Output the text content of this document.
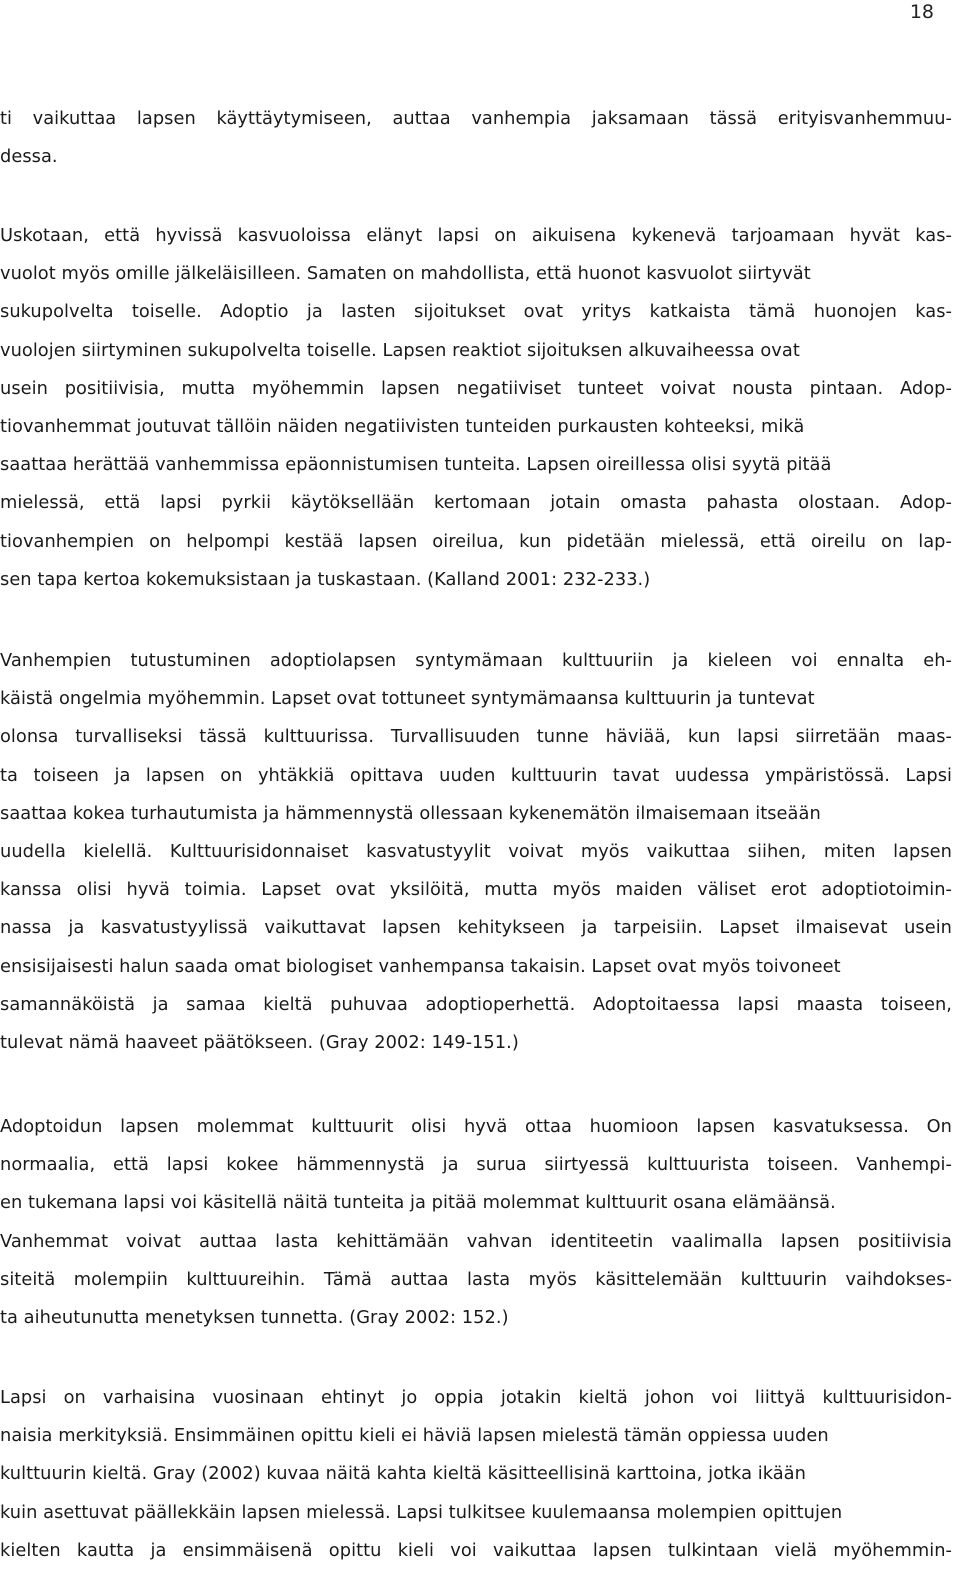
18
ti vaikuttaa lapsen käyttäytymiseen, auttaa vanhempia jaksamaan tässä erityisvanhemmuu-
dessa.
Uskotaan, että hyvissä kasvuoloissa elänyt lapsi on aikuisena kykenevä tarjoamaan hyvät kas-
vuolot myös omille jälkeläisilleen. Samaten on mahdollista, että huonot kasvuolot siirtyvät
sukupolvelta toiselle. Adoptio ja lasten sijoitukset ovat yritys katkaista tämä huonojen kas-
vuolojen siirtyminen sukupolvelta toiselle. Lapsen reaktiot sijoituksen alkuvaiheessa ovat
usein positiivisia, mutta myöhemmin lapsen negatiiviset tunteet voivat nousta pintaan. Adop-
tiovanhemmat joutuvat tällöin näiden negatiivisten tunteiden purkausten kohteeksi, mikä
saattaa herättää vanhemmissa epäonnistumisen tunteita. Lapsen oireillessa olisi syytä pitää
mielessä, että lapsi pyrkii käytöksellään kertomaan jotain omasta pahasta olostaan. Adop-
tiovanhempien on helpompi kestää lapsen oireilua, kun pidetään mielessä, että oireilu on lap-
sen tapa kertoa kokemuksistaan ja tuskastaan. (Kalland 2001: 232-233.)
Vanhempien tutustuminen adoptiolapsen syntymämaan kulttuuriin ja kieleen voi ennalta eh-
käistä ongelmia myöhemmin. Lapset ovat tottuneet syntymämaansa kulttuurin ja tuntevat
olonsa turvalliseksi tässä kulttuurissa. Turvallisuuden tunne häviää, kun lapsi siirretään maas-
ta toiseen ja lapsen on yhtäkkiä opittava uuden kulttuurin tavat uudessa ympäristössä. Lapsi
saattaa kokea turhautumista ja hämmennystä ollessaan kykenemätön ilmaisemaan itseään
uudella kielellä. Kulttuurisidonnaiset kasvatustyylit voivat myös vaikuttaa siihen, miten lapsen
kanssa olisi hyvä toimia. Lapset ovat yksilöitä, mutta myös maiden väliset erot adoptiotoimin-
nassa ja kasvatustyylissä vaikuttavat lapsen kehitykseen ja tarpeisiin. Lapset ilmaisevat usein
ensisijaisesti halun saada omat biologiset vanhempansa takaisin. Lapset ovat myös toivoneet
samannäköistä ja samaa kieltä puhuvaa adoptioperhettä. Adoptoitaessa lapsi maasta toiseen,
tulevat nämä haaveet päätökseen. (Gray 2002: 149-151.)
Adoptoidun lapsen molemmat kulttuurit olisi hyvä ottaa huomioon lapsen kasvatuksessa. On
normaalia, että lapsi kokee hämmennystä ja surua siirtyessä kulttuurista toiseen. Vanhempi-
en tukemana lapsi voi käsitellä näitä tunteita ja pitää molemmat kulttuurit osana elämäänsä.
Vanhemmat voivat auttaa lasta kehittämään vahvan identiteetin vaalimalla lapsen positiivisia
siteitä molempiin kulttuureihin. Tämä auttaa lasta myös käsittelemään kulttuurin vaihdokses-
ta aiheutunutta menetyksen tunnetta. (Gray 2002: 152.)
Lapsi on varhaisina vuosinaan ehtinyt jo oppia jotakin kieltä johon voi liittyä kulttuurisidon-
naisia merkityksiä. Ensimmäinen opittu kieli ei häviä lapsen mielestä tämän oppiessa uuden
kulttuurin kieltä. Gray (2002) kuvaa näitä kahta kieltä käsitteellisinä karttoina, jotka ikään
kuin asettuvat päällekkäin lapsen mielessä. Lapsi tulkitsee kuulemaansa molempien opittujen
kielten kautta ja ensimmäisenä opittu kieli voi vaikuttaa lapsen tulkintaan vielä myöhemmin-
